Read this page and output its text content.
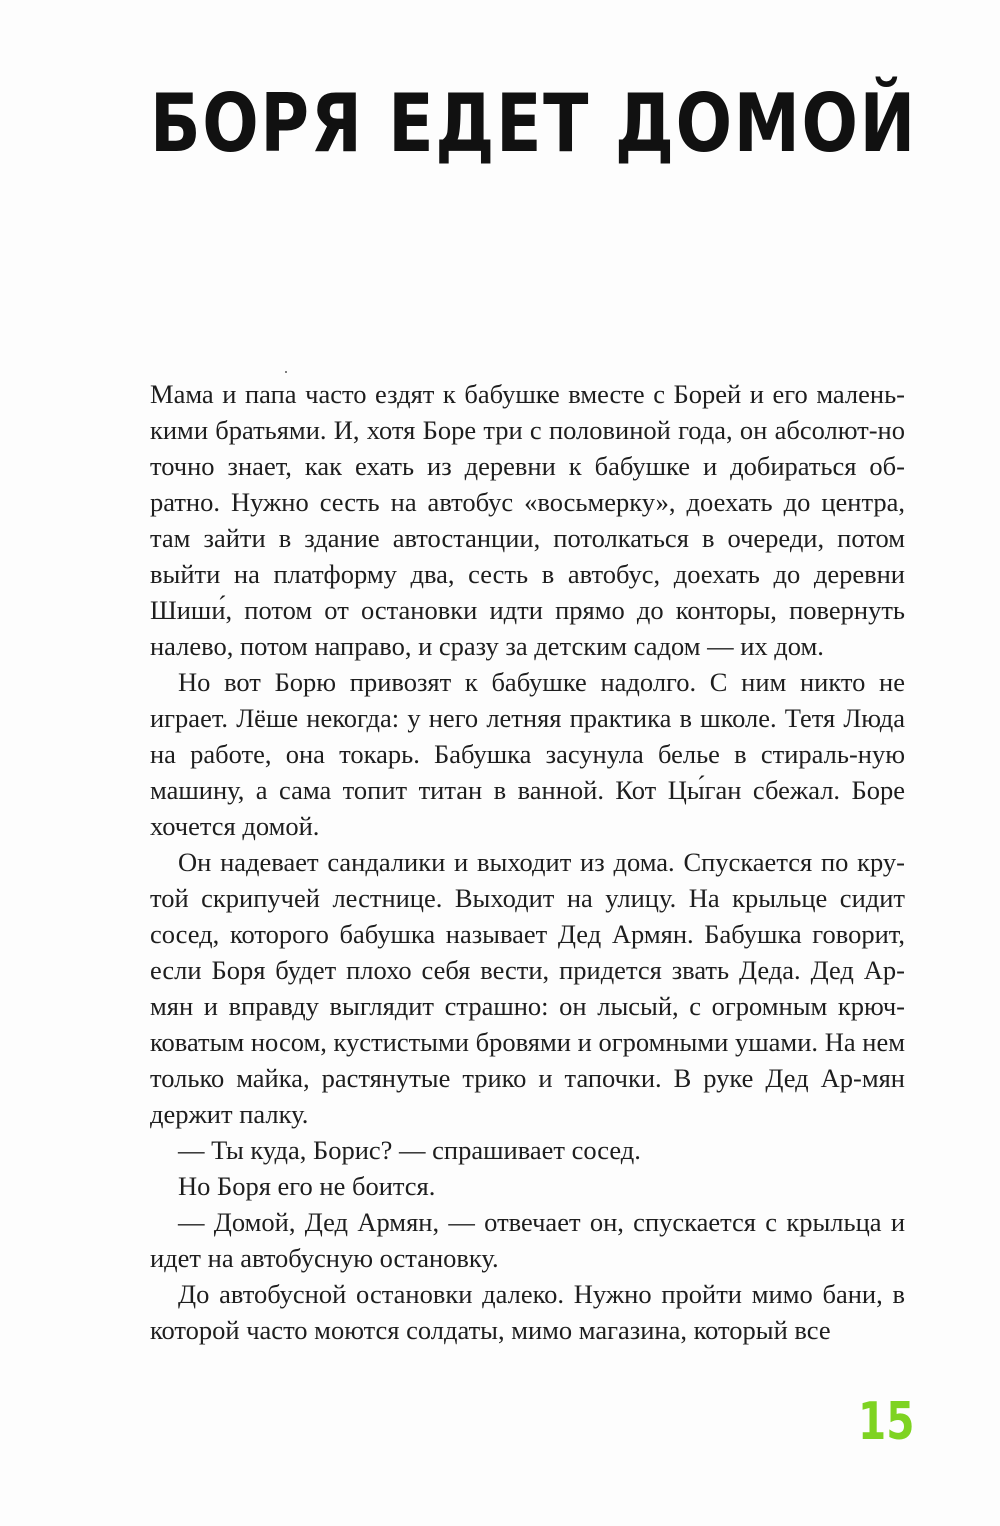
БОРЯ ЕДЕТ ДОМОЙ

Мама и папа часто ездят к бабушке вместе с Борей и его малень-кими братьями. И, хотя Боре три с половиной года, он абсолют-но точно знает, как ехать из деревни к бабушке и добираться об-ратно. Нужно сесть на автобус «восьмерку», доехать до центра, там зайти в здание автостанции, потолкаться в очереди, потом выйти на платформу два, сесть в автобус, доехать до деревни Шиши́, потом от остановки идти прямо до конторы, повернуть налево, потом направо, и сразу за детским садом — их дом.

Но вот Борю привозят к бабушке надолго. С ним никто не играет. Лёше некогда: у него летняя практика в школе. Тетя Люда на работе, она токарь. Бабушка засунула белье в стираль-ную машину, а сама топит титан в ванной. Кот Цы́ган сбежал. Боре хочется домой.

Он надевает сандалики и выходит из дома. Спускается по кру-той скрипучей лестнице. Выходит на улицу. На крыльце сидит сосед, которого бабушка называет Дед Армян. Бабушка говорит, если Боря будет плохо себя вести, придется звать Деда. Дед Ар-мян и вправду выглядит страшно: он лысый, с огромным крюч-коватым носом, кустистыми бровями и огромными ушами. На нем только майка, растянутые трико и тапочки. В руке Дед Ар-мян держит палку.

— Ты куда, Борис? — спрашивает сосед.

Но Боря его не боится.

— Домой, Дед Армян, — отвечает он, спускается с крыльца и идет на автобусную остановку.

До автобусной остановки далеко. Нужно пройти мимо бани, в которой часто моются солдаты, мимо магазина, который все

15
